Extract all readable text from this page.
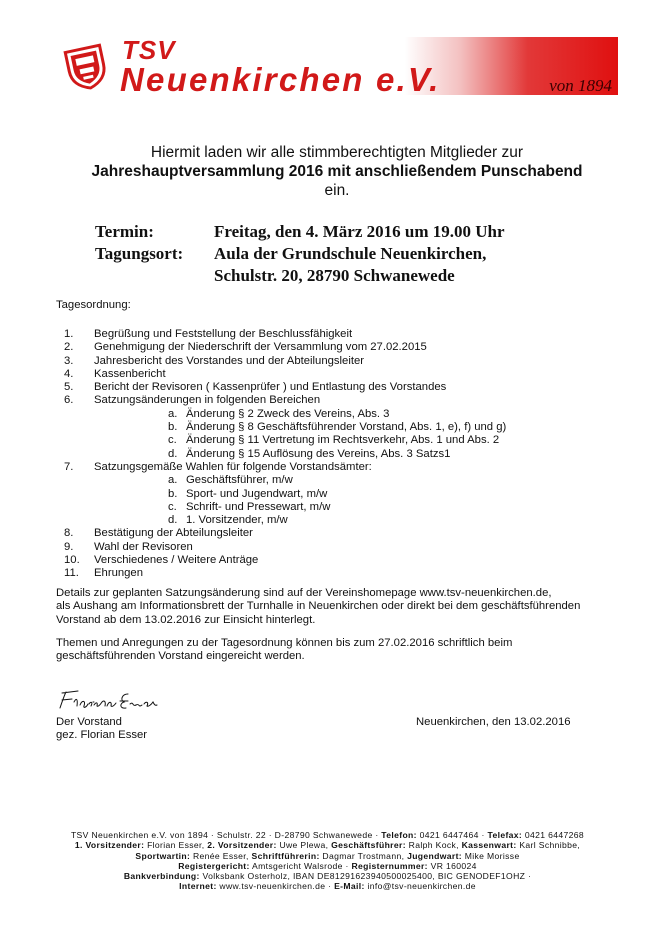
TSV
Neuenkirchen e.V.	von 1894
Hiermit laden wir alle stimmberechtigten Mitglieder zur
Jahreshauptversammlung 2016 mit anschließendem Punschabend
ein.
Termin:	Freitag, den 4. März 2016 um 19.00 Uhr
Tagungsort: Aula der Grundschule Neuenkirchen,
Schulstr. 20, 28790 Schwanewede
Tagesordnung:
1. Begrüßung und Feststellung der Beschlussfähigkeit
2. Genehmigung der Niederschrift der Versammlung vom 27.02.2015
3. Jahresbericht des Vorstandes und der Abteilungsleiter
4. Kassenbericht
5. Bericht der Revisoren ( Kassenprüfer ) und Entlastung des Vorstandes
6. Satzungsänderungen in folgenden Bereichen
a. Änderung § 2 Zweck des Vereins, Abs. 3
b. Änderung § 8 Geschäftsführender Vorstand, Abs. 1, e), f) und g)
c. Änderung § 11 Vertretung im Rechtsverkehr, Abs. 1 und Abs. 2
d. Änderung § 15 Auflösung des Vereins, Abs. 3 Satzs1
7. Satzungsgemäße Wahlen für folgende Vorstandsämter:
a. Geschäftsführer, m/w
b. Sport- und Jugendwart, m/w
c. Schrift- und Pressewart, m/w
d. 1. Vorsitzender, m/w
8. Bestätigung der Abteilungsleiter
9. Wahl der Revisoren
10. Verschiedenes / Weitere Anträge
11. Ehrungen
Details zur geplanten Satzungsänderung sind auf der Vereinshomepage www.tsv-neuenkirchen.de,
als Aushang am Informationsbrett der Turnhalle in Neuenkirchen oder direkt bei dem geschäftsführenden
Vorstand ab dem 13.02.2016 zur Einsicht hinterlegt.
Themen und Anregungen zu der Tagesordnung können bis zum 27.02.2016 schriftlich beim
geschäftsführenden Vorstand eingereicht werden.
Der Vorstand
gez. Florian Esser
Neuenkirchen, den 13.02.2016
TSV Neuenkirchen e.V. von 1894 · Schulstr. 22 · D-28790 Schwanewede · Telefon: 0421 6447464 · Telefax: 0421 6447268
1. Vorsitzender: Florian Esser, 2. Vorsitzender: Uwe Plewa, Geschäftsführer: Ralph Kock, Kassenwart: Karl Schnibbe,
Sportwartin: Renée Esser, Schriftführerin: Dagmar Trostmann, Jugendwart: Mike Morisse
Registergericht: Amtsgericht Walsrode · Registernummer: VR 160024
Bankverbindung: Volksbank Osterholz, IBAN DE81291623940500025400, BIC GENODEF1OHZ ·
Internet: www.tsv-neuenkirchen.de · E-Mail: info@tsv-neuenkirchen.de
